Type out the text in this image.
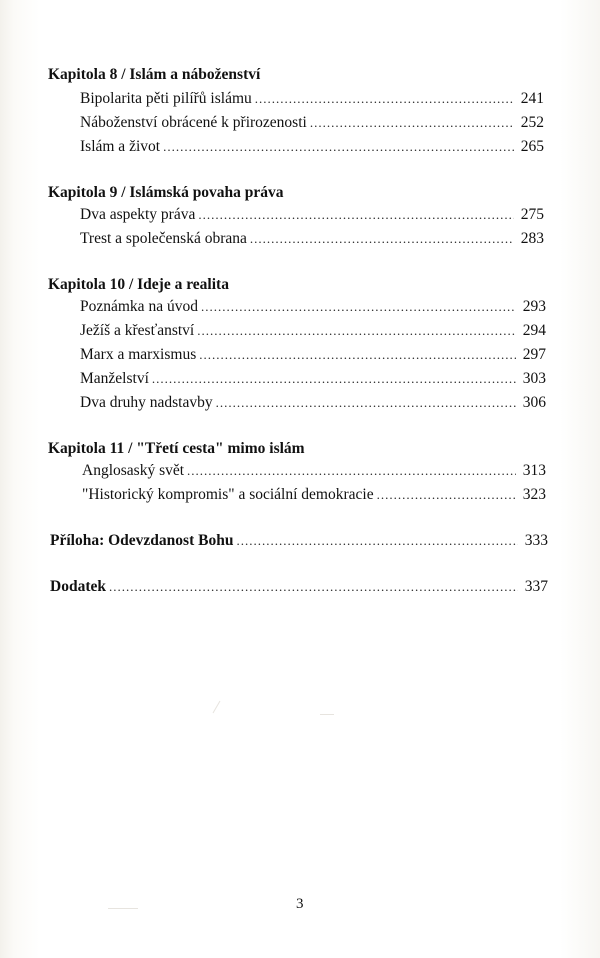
Kapitola 8 / Islám a náboženství
Bipolarita pěti pilířů islámu .....	241
Náboženství obrácené k přirozenosti .....	252
Islám a život .....	265
Kapitola 9 / Islámská povaha práva
Dva aspekty práva .....	275
Trest a společenská obrana .....	283
Kapitola 10 / Ideje a realita
Poznámka na úvod .....	293
Ježíš a křesťanství .....	294
Marx a marxismus .....	297
Manželství .....	303
Dva druhy nadstavby .....	306
Kapitola 11 / "Třetí cesta" mimo islám
Anglosaský svět .....	313
"Historický kompromis" a sociální demokracie .....	323
Příloha: Odevzdanost Bohu .....	333
Dodatek .....	337
3
